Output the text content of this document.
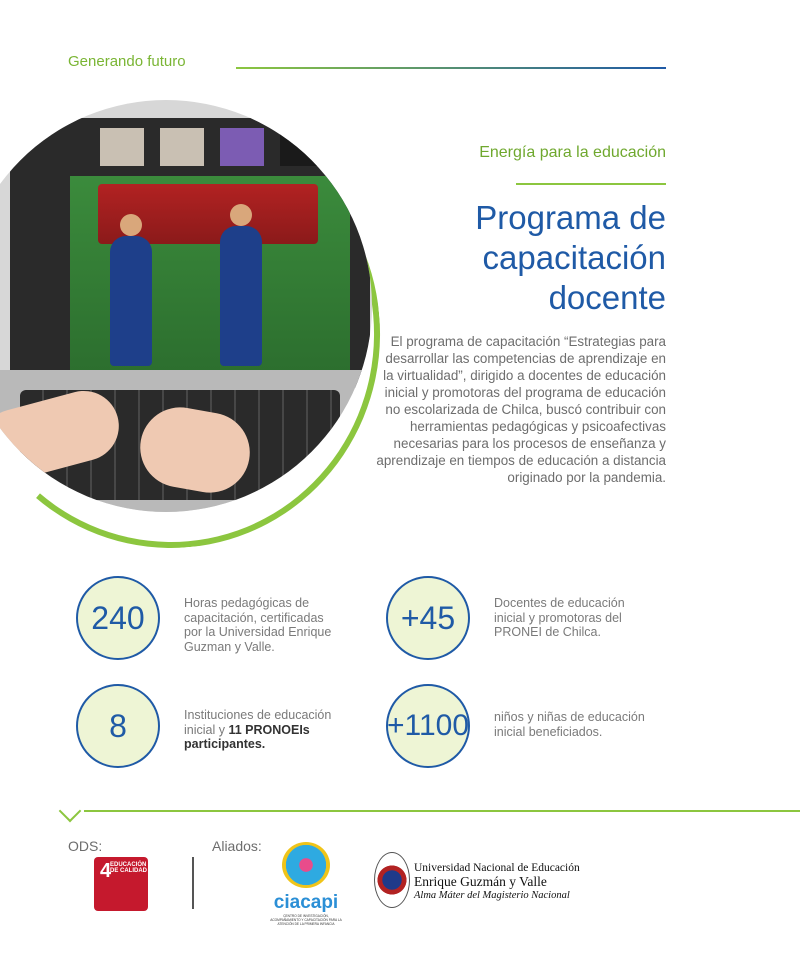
Generando futuro
Energía para la educación
Programa de
capacitación
docente
El programa de capacitación “Estrategias para desarrollar las competencias de aprendizaje en la virtualidad”, dirigido a docentes de educación inicial y promotoras del programa de educación no escolarizada de Chilca, buscó contribuir con herramientas pedagógicas y psicoafectivas necesarias para los procesos de enseñanza y aprendizaje en tiempos de educación a distancia originado por la pandemia.
240	Horas pedagógicas de capacitación, certificadas por la Universidad Enrique Guzman y Valle.
+45	Docentes de educación inicial y promotoras del PRONEI de Chilca.
8	Instituciones de educación inicial y 11 PRONOEIs participantes.
+1100 niños y niñas de educación inicial beneficiados.
ODS:
4
EDUCACIÓN DE CALIDAD
Aliados:
ciacapi
CENTRO DE INVESTIGACIÓN, ACOMPAÑAMIENTO Y CAPACITACIÓN PARA LA ATENCIÓN DE LA PRIMERA INFANCIA
Universidad Nacional de Educación
Enrique Guzmán y Valle
Alma Máter del Magisterio Nacional
